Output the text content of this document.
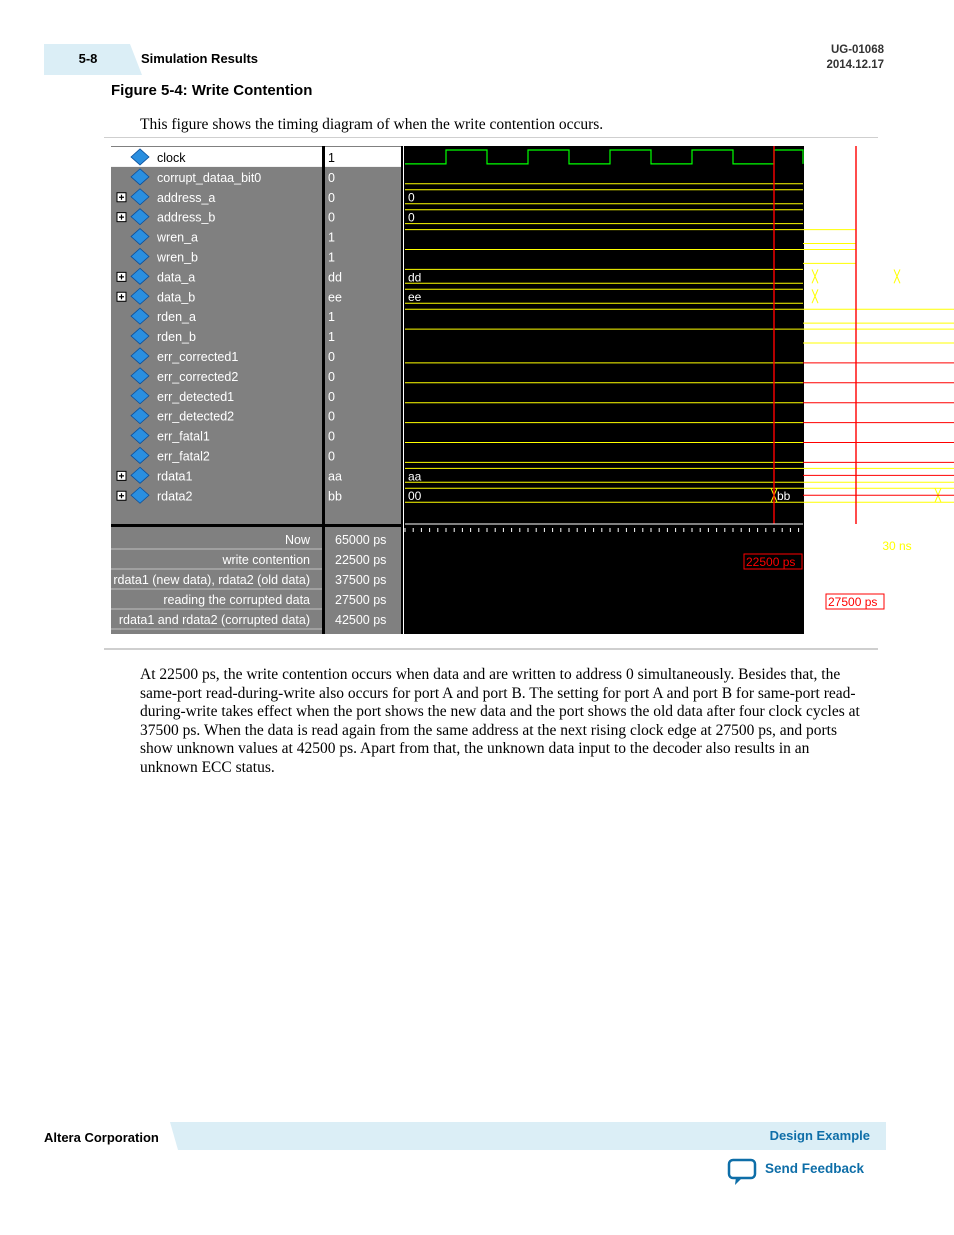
5-8	Simulation Results
UG-01068
2014.12.17
Figure 5-4: Write Contention
This figure shows the timing diagram of when the write contention occurs.
clock	1
corrupt_dataa_bit0	0
address_a	0
address_b	0
wren_a	1
wren_b	1
data_a	dd
data_b	ee
rden_a	1
rden_b	1
err_corrected1	0
err_corrected2	0
err_detected1	0
err_detected2	0
err_fatal1	0
err_fatal2	0
rdata1	aa
rdata2	bb
0
0
dd	00	ff
ee	00
aa
00	bb	cc
30 ns
Now 65000 ps
write contention 22500 ps
rdata1 (new data), rdata2 (old data) 37500 ps
reading the corrupted data 27500 ps
rdata1 and rdata2 (corrupted data) 42500 ps
22500 ps 5000 ps
10000 ps
27500 ps
At 22500 ps, the write contention occurs when data and are written to address 0 simultaneously. Besides that, the same-port read-during-write also occurs for port A and port B. The setting for port A and port B for same-port read-during-write takes effect when the port shows the new data and the port shows the old data after four clock cycles at 37500 ps. When the data is read again from the same address at the next rising clock edge at 27500 ps, and ports show unknown values at 42500 ps. Apart from that, the unknown data input to the decoder also results in an unknown ECC status.
Altera Corporation	Design Example
Send Feedback
